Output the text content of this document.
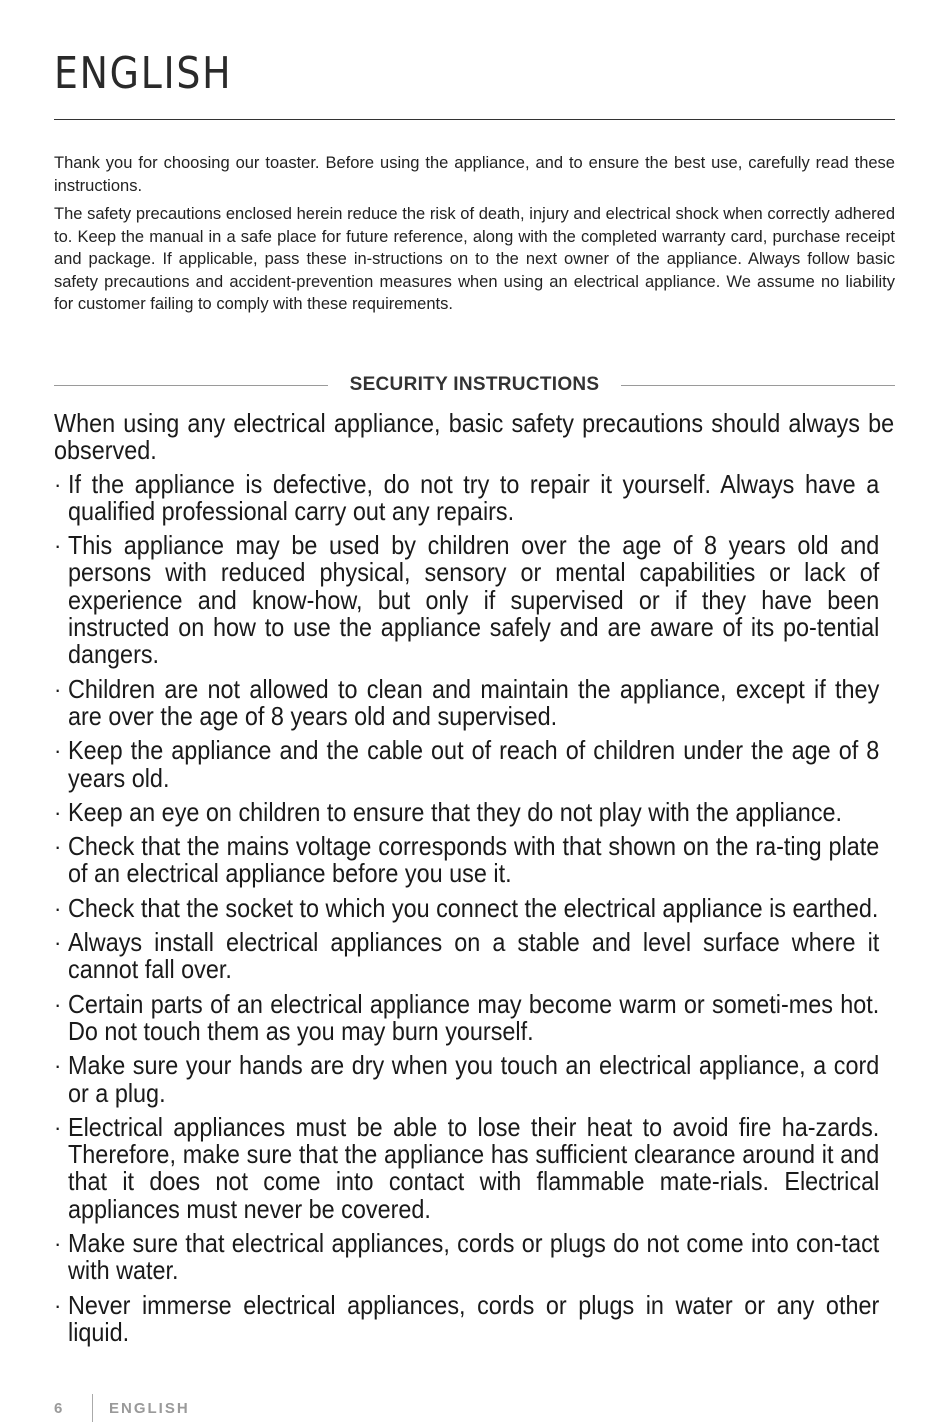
ENGLISH

Thank you for choosing our toaster. Before using the appliance, and to ensure the best use, carefully read these instructions.

The safety precautions enclosed herein reduce the risk of death, injury and electrical shock when correctly adhered to. Keep the manual in a safe place for future reference, along with the completed warranty card, purchase receipt and package. If applicable, pass these in-structions on to the next owner of the appliance. Always follow basic safety precautions and accident-prevention measures when using an electrical appliance. We assume no liability for customer failing to comply with these requirements.

SECURITY INSTRUCTIONS

When using any electrical appliance, basic safety precautions should always be observed.

· If the appliance is defective, do not try to repair it yourself. Always have a qualified professional carry out any repairs.
· This appliance may be used by children over the age of 8 years old and persons with reduced physical, sensory or mental capabilities or lack of experience and know-how, but only if supervised or if they have been instructed on how to use the appliance safely and are aware of its po-tential dangers.
· Children are not allowed to clean and maintain the appliance, except if they are over the age of 8 years old and supervised.
· Keep the appliance and the cable out of reach of children under the age of 8 years old.
· Keep an eye on children to ensure that they do not play with the appliance.
· Check that the mains voltage corresponds with that shown on the ra-ting plate of an electrical appliance before you use it.
· Check that the socket to which you connect the electrical appliance is earthed.
· Always install electrical appliances on a stable and level surface where it cannot fall over.
· Certain parts of an electrical appliance may become warm or someti-mes hot. Do not touch them as you may burn yourself.
· Make sure your hands are dry when you touch an electrical appliance, a cord or a plug.
· Electrical appliances must be able to lose their heat to avoid fire ha-zards. Therefore, make sure that the appliance has sufficient clearance around it and that it does not come into contact with flammable mate-rials. Electrical appliances must never be covered.
· Make sure that electrical appliances, cords or plugs do not come into con-tact with water.
· Never immerse electrical appliances, cords or plugs in water or any other liquid.
6	ENGLISH
